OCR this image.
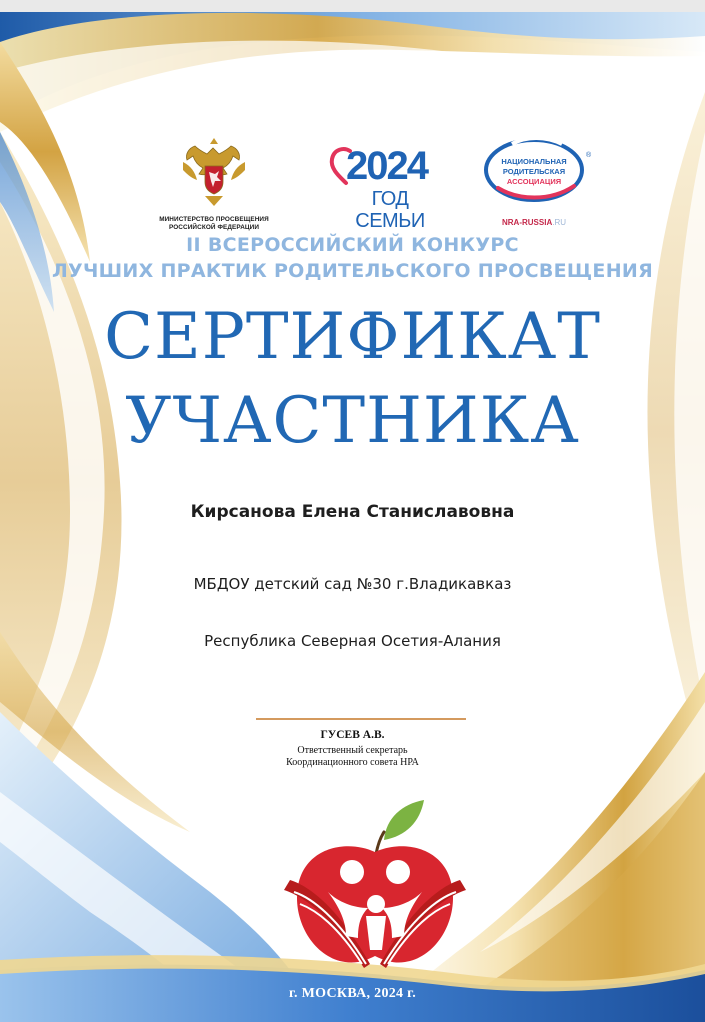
МИНИСТЕРСТВО ПРОСВЕЩЕНИЯ
РОССИЙСКОЙ ФЕДЕРАЦИИ
2024
ГОД СЕМЬИ
НАЦИОНАЛЬНАЯ
РОДИТЕЛЬСКАЯ
АССОЦИАЦИЯ
®
NRA-RUSSIA.RU
II ВСЕРОССИЙСКИЙ КОНКУРС
ЛУЧШИХ ПРАКТИК РОДИТЕЛЬСКОГО ПРОСВЕЩЕНИЯ
СЕРТИФИКАТ
УЧАСТНИКА
Кирсанова Елена Станиславовна
МБДОУ детский сад №30 г.Владикавказ
Республика Северная Осетия-Алания
ГУСЕВ А.В.
Ответственный секретарь
Координационного совета НРА
г. МОСКВА, 2024 г.
